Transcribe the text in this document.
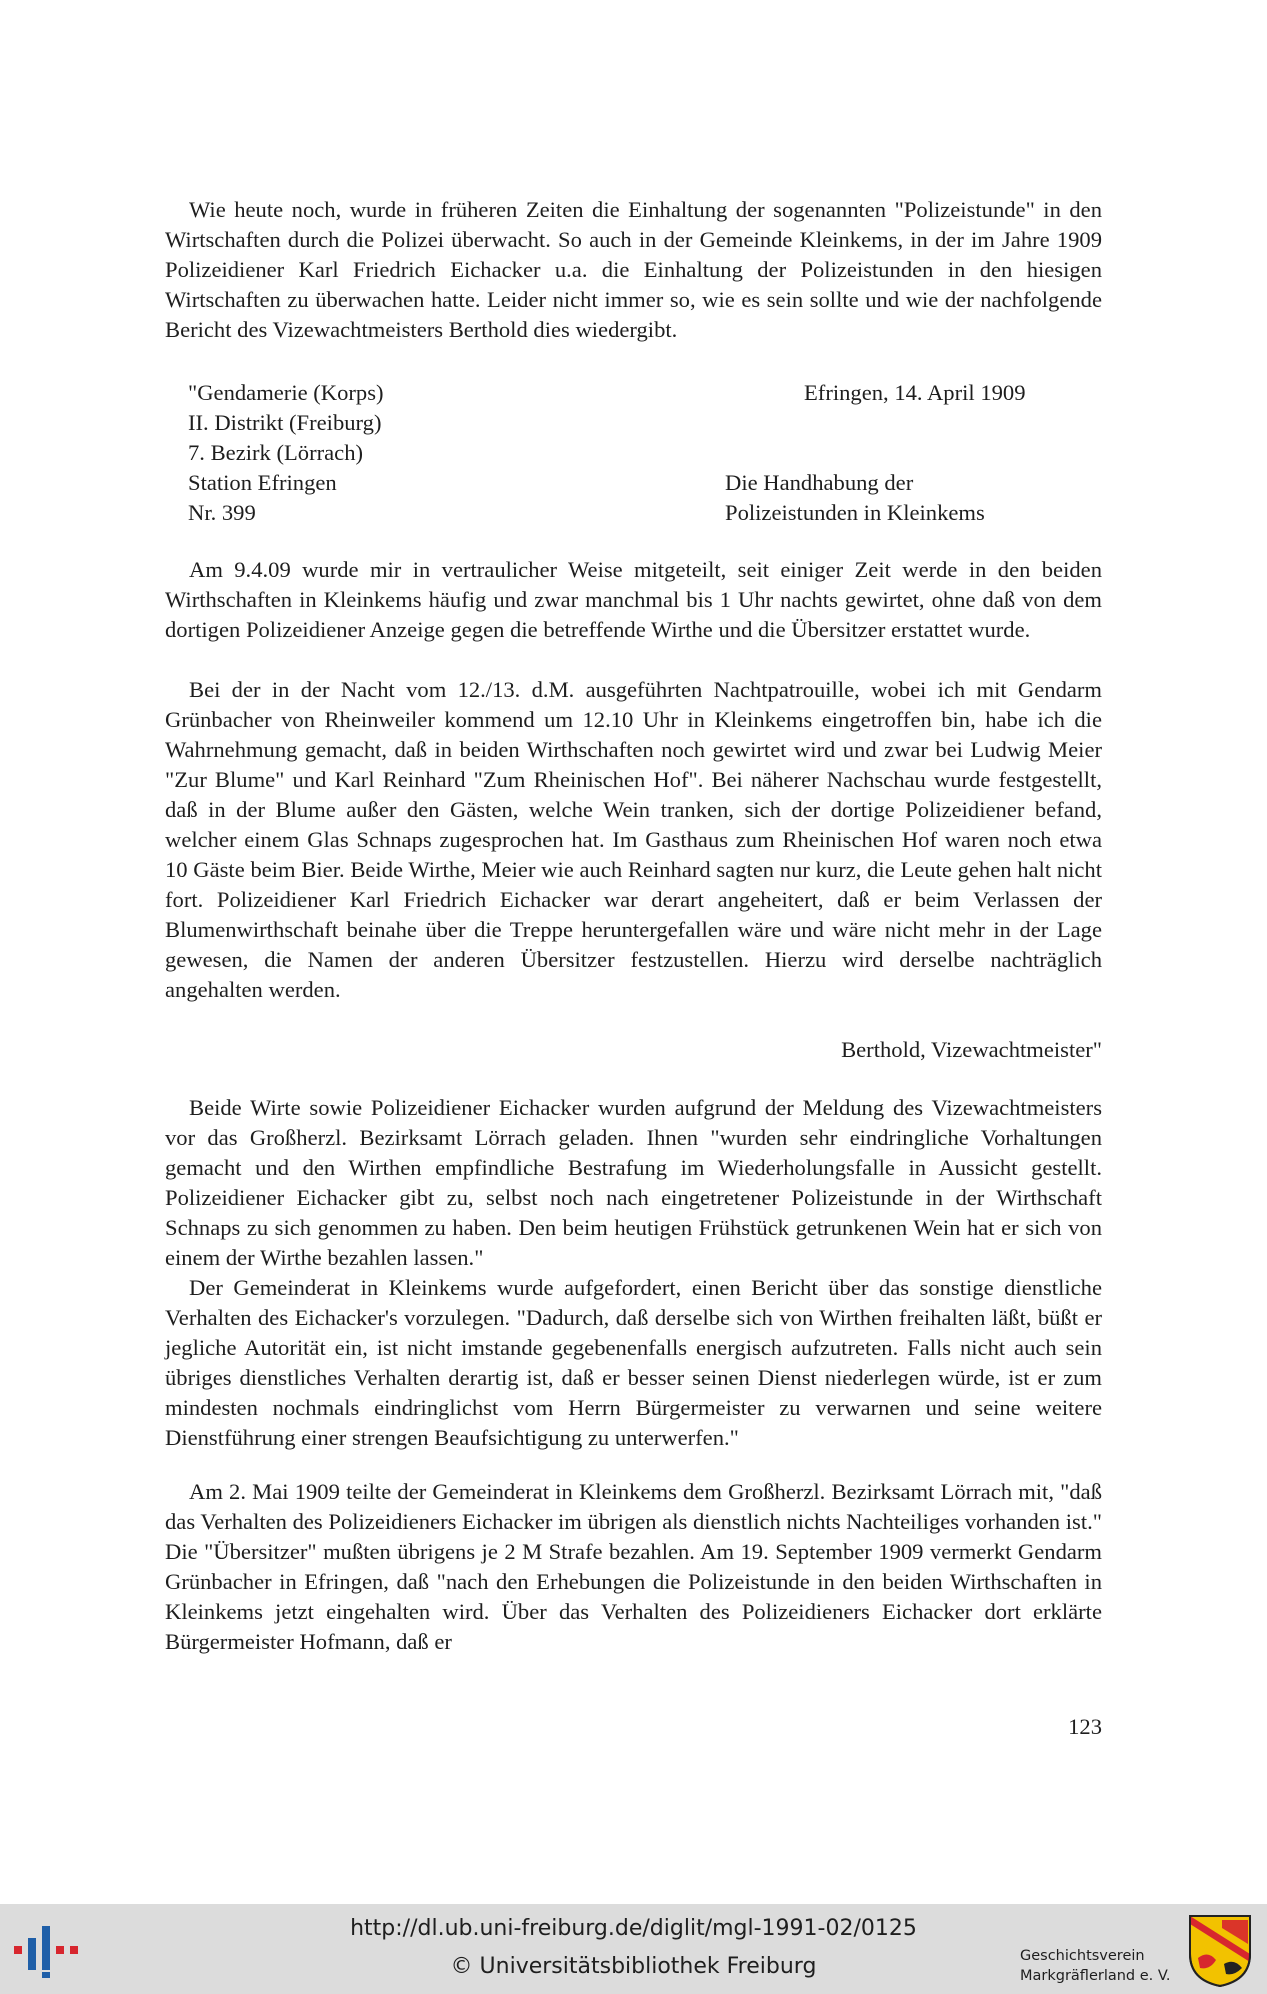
Wie heute noch, wurde in früheren Zeiten die Einhaltung der sogenannten "Polizeistunde" in den Wirtschaften durch die Polizei überwacht. So auch in der Gemeinde Kleinkems, in der im Jahre 1909 Polizeidiener Karl Friedrich Eichacker u.a. die Einhaltung der Polizeistunden in den hiesigen Wirtschaften zu überwachen hatte. Leider nicht immer so, wie es sein sollte und wie der nachfolgende Bericht des Vizewachtmeisters Berthold dies wiedergibt.

"Gendamerie (Korps)
II. Distrikt (Freiburg)
7. Bezirk (Lörrach)
Station Efringen
Nr. 399
Efringen, 14. April 1909
Die Handhabung der
Polizeistunden in Kleinkems

Am 9.4.09 wurde mir in vertraulicher Weise mitgeteilt, seit einiger Zeit werde in den beiden Wirthschaften in Kleinkems häufig und zwar manchmal bis 1 Uhr nachts gewirtet, ohne daß von dem dortigen Polizeidiener Anzeige gegen die betreffende Wirthe und die Übersitzer erstattet wurde.

Bei der in der Nacht vom 12./13. d.M. ausgeführten Nachtpatrouille, wobei ich mit Gendarm Grünbacher von Rheinweiler kommend um 12.10 Uhr in Kleinkems eingetroffen bin, habe ich die Wahrnehmung gemacht, daß in beiden Wirthschaften noch gewirtet wird und zwar bei Ludwig Meier "Zur Blume" und Karl Reinhard "Zum Rheinischen Hof". Bei näherer Nachschau wurde festgestellt, daß in der Blume außer den Gästen, welche Wein tranken, sich der dortige Polizeidiener befand, welcher einem Glas Schnaps zugesprochen hat. Im Gasthaus zum Rheinischen Hof waren noch etwa 10 Gäste beim Bier. Beide Wirthe, Meier wie auch Reinhard sagten nur kurz, die Leute gehen halt nicht fort. Polizeidiener Karl Friedrich Eichacker war derart angeheitert, daß er beim Verlassen der Blumenwirthschaft beinahe über die Treppe heruntergefallen wäre und wäre nicht mehr in der Lage gewesen, die Namen der anderen Übersitzer festzustellen. Hierzu wird derselbe nachträglich angehalten werden.

Berthold, Vizewachtmeister"

Beide Wirte sowie Polizeidiener Eichacker wurden aufgrund der Meldung des Vizewachtmeisters vor das Großherzl. Bezirksamt Lörrach geladen. Ihnen "wurden sehr eindringliche Vorhaltungen gemacht und den Wirthen empfindliche Bestrafung im Wiederholungsfalle in Aussicht gestellt. Polizeidiener Eichacker gibt zu, selbst noch nach eingetretener Polizeistunde in der Wirthschaft Schnaps zu sich genommen zu haben. Den beim heutigen Frühstück getrunkenen Wein hat er sich von einem der Wirthe bezahlen lassen."

Der Gemeinderat in Kleinkems wurde aufgefordert, einen Bericht über das sonstige dienstliche Verhalten des Eichacker's vorzulegen. "Dadurch, daß derselbe sich von Wirthen freihalten läßt, büßt er jegliche Autorität ein, ist nicht imstande gegebenenfalls energisch aufzutreten. Falls nicht auch sein übriges dienstliches Verhalten derartig ist, daß er besser seinen Dienst niederlegen würde, ist er zum mindesten nochmals eindringlichst vom Herrn Bürgermeister zu verwarnen und seine weitere Dienstführung einer strengen Beaufsichtigung zu unterwerfen."

Am 2. Mai 1909 teilte der Gemeinderat in Kleinkems dem Großherzl. Bezirksamt Lörrach mit, "daß das Verhalten des Polizeidieners Eichacker im übrigen als dienstlich nichts Nachteiliges vorhanden ist." Die "Übersitzer" mußten übrigens je 2 M Strafe bezahlen. Am 19. September 1909 vermerkt Gendarm Grünbacher in Efringen, daß "nach den Erhebungen die Polizeistunde in den beiden Wirthschaften in Kleinkems jetzt eingehalten wird. Über das Verhalten des Polizeidieners Eichacker dort erklärte Bürgermeister Hofmann, daß er

123
http://dl.ub.uni-freiburg.de/diglit/mgl-1991-02/0125
© Universitätsbibliothek Freiburg	Geschichtsverein
Markgräflerland e. V.
